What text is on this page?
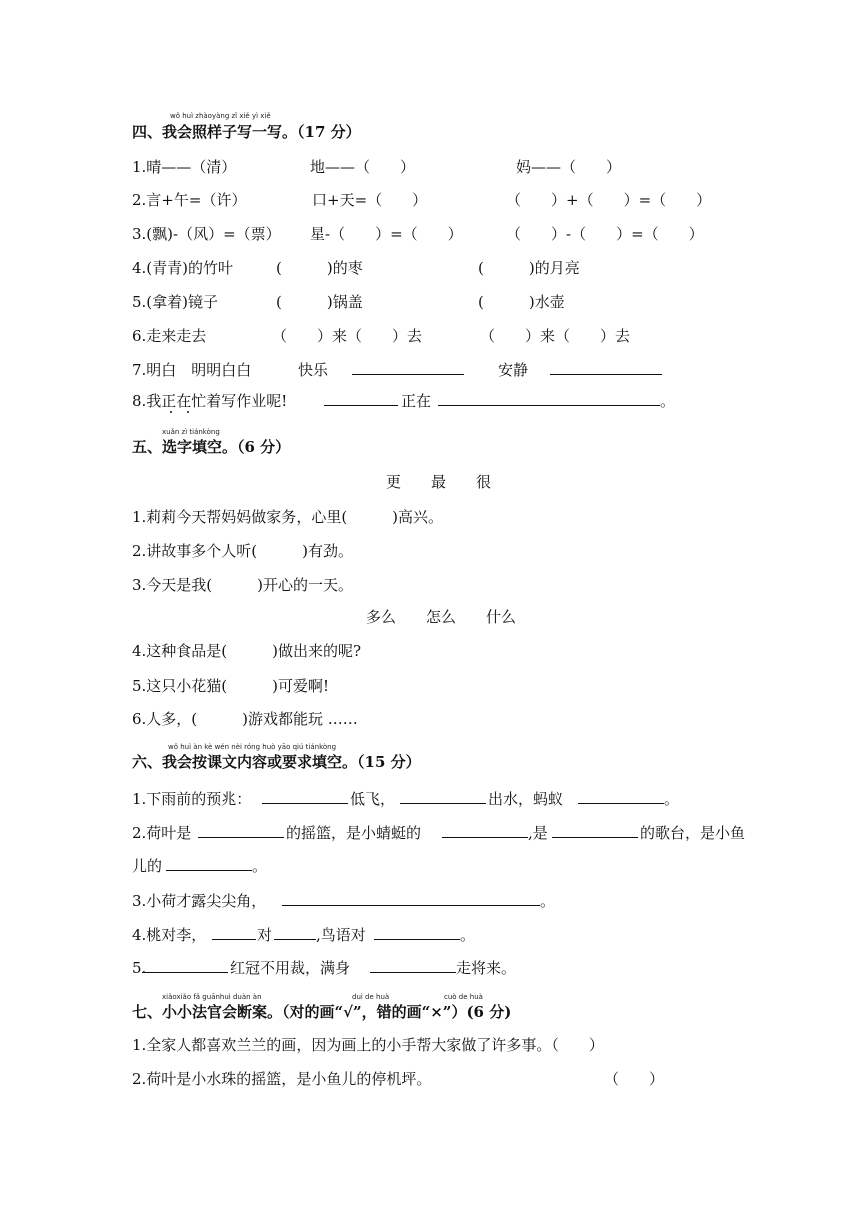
wǒ huì zhàoyàng zǐ xiě yì xiě
四、我会照样子写一写。（17 分）
1.晴——（清）	地——（　　）	妈——（　　）
2.言+午=（许）	口+天=（　　）	（　　）+（　　）=（　　）
3.(飘)-（风）=（票） 星-（　　）=（　　）	（　　）-（　　）=（　　）
4.(青青)的竹叶	(　　　)的枣	(　　　)的月亮
5.(拿着)镜子	(　　　)锅盖	(　　　)水壶
6.走来走去	（　　）来（　　）去	（　　）来（　　）去
7.明白　明明白白	快乐	安静
8.我正在忙着写作业呢!	正在	。
xuǎn zì tiánkòng
五、选字填空。（6 分）
更　　最　　很
1.莉莉今天帮妈妈做家务，心里(　　　)高兴。
2.讲故事多个人听(　　　)有劲。
3.今天是我(　　　)开心的一天。
多么　　怎么　　什么
4.这种食品是(　　　)做出来的呢?
5.这只小花猫(　　　)可爱啊!
6.人多，(　　　)游戏都能玩 ……
wǒ huì àn kè wén nèi róng huò yāo qiú tiánkòng
六、我会按课文内容或要求填空。（15 分）
1.下雨前的预兆：	低飞，	出水，蚂蚁	。
2.荷叶是	的摇篮，是小蜻蜓的	,是	的歌台，是小鱼
儿的	。
3.小荷才露尖尖角，	。
4.桃对李，	对	,鸟语对	。
5.	红冠不用裁，满身	走将来。
xiǎoxiǎo fǎ guānhuì duàn àn	duì de huà	cuò de huà
七、小小法官会断案。（对的画“√”，错的画“×”）(6 分)
1.全家人都喜欢兰兰的画，因为画上的小手帮大家做了许多事。（　　）
2.荷叶是小水珠的摇篮，是小鱼儿的停机坪。	（　　）
